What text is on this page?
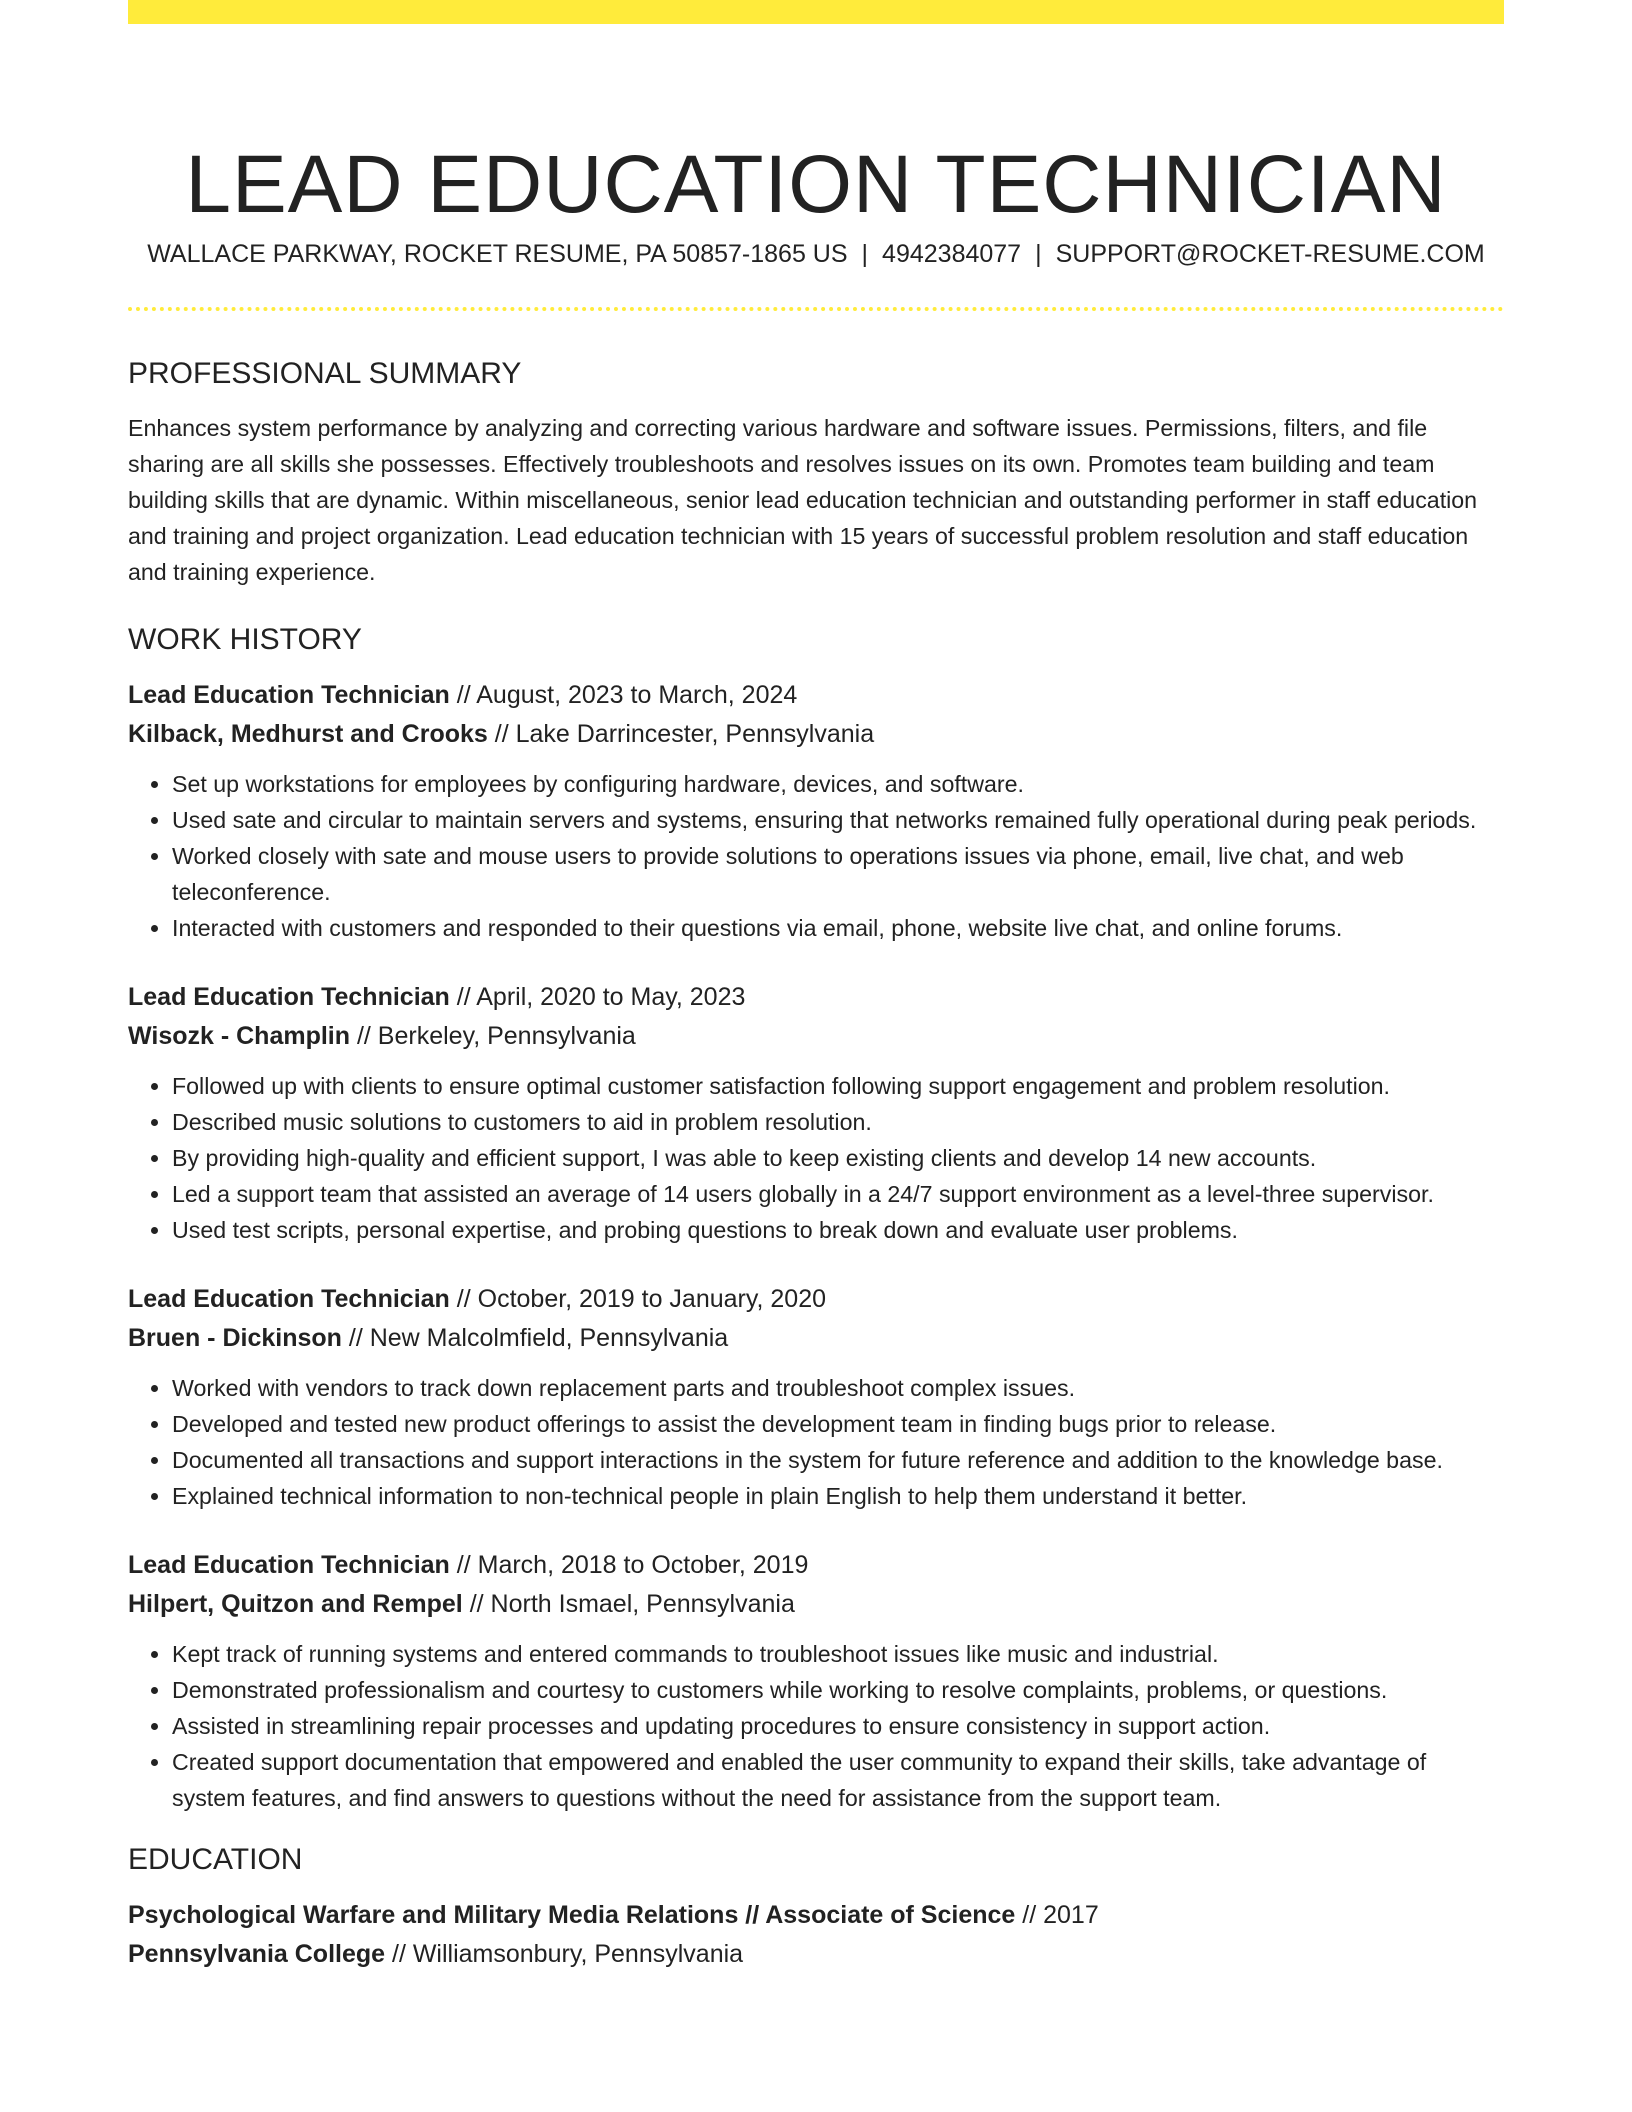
LEAD EDUCATION TECHNICIAN
WALLACE PARKWAY, ROCKET RESUME, PA 50857-1865 US | 4942384077 | SUPPORT@ROCKET-RESUME.COM
PROFESSIONAL SUMMARY

Enhances system performance by analyzing and correcting various hardware and software issues. Permissions, filters, and file sharing are all skills she possesses. Effectively troubleshoots and resolves issues on its own. Promotes team building and team building skills that are dynamic. Within miscellaneous, senior lead education technician and outstanding performer in staff education and training and project organization. Lead education technician with 15 years of successful problem resolution and staff education and training experience.

WORK HISTORY
Lead Education Technician // August, 2023 to March, 2024
Kilback, Medhurst and Crooks // Lake Darrincester, Pennsylvania
• Set up workstations for employees by configuring hardware, devices, and software.
• Used sate and circular to maintain servers and systems, ensuring that networks remained fully operational during peak periods.
• Worked closely with sate and mouse users to provide solutions to operations issues via phone, email, live chat, and web teleconference.
• Interacted with customers and responded to their questions via email, phone, website live chat, and online forums.
Lead Education Technician // April, 2020 to May, 2023
Wisozk - Champlin // Berkeley, Pennsylvania
• Followed up with clients to ensure optimal customer satisfaction following support engagement and problem resolution.
• Described music solutions to customers to aid in problem resolution.
• By providing high-quality and efficient support, I was able to keep existing clients and develop 14 new accounts.
• Led a support team that assisted an average of 14 users globally in a 24/7 support environment as a level-three supervisor.
• Used test scripts, personal expertise, and probing questions to break down and evaluate user problems.
Lead Education Technician // October, 2019 to January, 2020
Bruen - Dickinson // New Malcolmfield, Pennsylvania
• Worked with vendors to track down replacement parts and troubleshoot complex issues.
• Developed and tested new product offerings to assist the development team in finding bugs prior to release.
• Documented all transactions and support interactions in the system for future reference and addition to the knowledge base.
• Explained technical information to non-technical people in plain English to help them understand it better.
Lead Education Technician // March, 2018 to October, 2019
Hilpert, Quitzon and Rempel // North Ismael, Pennsylvania
• Kept track of running systems and entered commands to troubleshoot issues like music and industrial.
• Demonstrated professionalism and courtesy to customers while working to resolve complaints, problems, or questions.
• Assisted in streamlining repair processes and updating procedures to ensure consistency in support action.
• Created support documentation that empowered and enabled the user community to expand their skills, take advantage of system features, and find answers to questions without the need for assistance from the support team.
EDUCATION
Psychological Warfare and Military Media Relations // Associate of Science // 2017
Pennsylvania College // Williamsonbury, Pennsylvania
